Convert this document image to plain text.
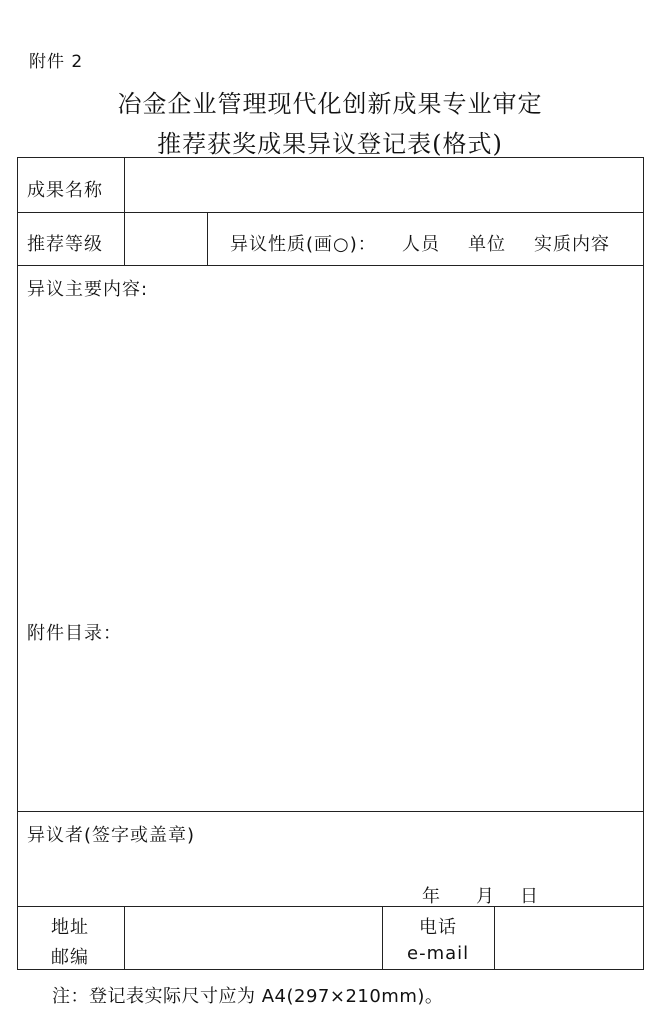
附件 2
冶金企业管理现代化创新成果专业审定
推荐获奖成果异议登记表(格式)
成果名称
推荐等级	异议性质(画○)： 人员 单位 实质内容
异议主要内容:
附件目录：
异议者(签字或盖章)
年 月 日
地址
邮编
电话
e-mail
注：登记表实际尺寸应为 A4(297×210mm)。
